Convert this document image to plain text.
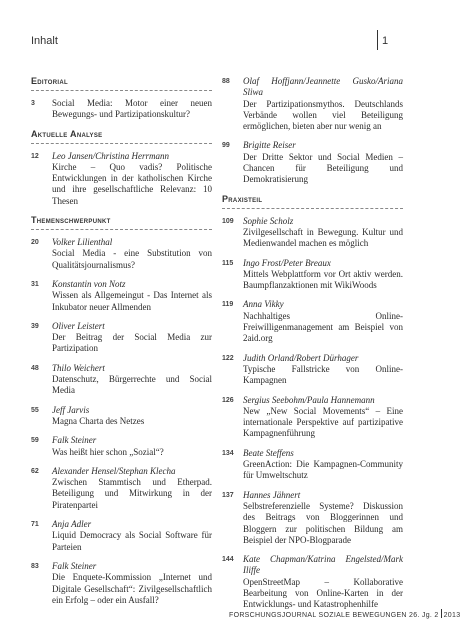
Inhalt	1
Editorial
3 Social Media: Motor einer neuen Bewegungs- und Partizipationskultur?
Aktuelle Analyse
12 Leo Jansen/Christina Herrmann
Kirche – Quo vadis? Politische Entwicklungen in der katholischen Kirche und ihre gesellschaftliche Relevanz: 10 Thesen
Themenschwerpunkt
20 Volker Lilienthal
Social Media - eine Substitution von Qualitätsjournalismus?
31 Konstantin von Notz
Wissen als Allgemeingut - Das Internet als Inkubator neuer Allmenden
39 Oliver Leistert
Der Beitrag der Social Media zur Partizipation
48 Thilo Weichert
Datenschutz, Bürgerrechte und Social Media
55 Jeff Jarvis
Magna Charta des Netzes
59 Falk Steiner
Was heißt hier schon „Sozial“?
62 Alexander Hensel/Stephan Klecha
Zwischen Stammtisch und Etherpad. Beteiligung und Mitwirkung in der Piratenpartei
71 Anja Adler
Liquid Democracy als Social Software für Parteien
83 Falk Steiner
Die Enquete-Kommission „Internet und Digitale Gesellschaft“: Zivilgesellschaftlich ein Erfolg – oder ein Ausfall?
88 Olaf Hoffjann/Jeannette Gusko/Ariana Sliwa
Der Partizipationsmythos. Deutschlands Verbände wollen viel Beteiligung ermöglichen, bieten aber nur wenig an
99 Brigitte Reiser
Der Dritte Sektor und Social Medien – Chancen für Beteiligung und Demokratisierung
Praxisteil
109 Sophie Scholz
Zivilgesellschaft in Bewegung. Kultur und Medienwandel machen es möglich
115 Ingo Frost/Peter Breaux
Mittels Webplattform vor Ort aktiv werden. Baumpflanzaktionen mit WikiWoods
119 Anna Vikky
Nachhaltiges Online-Freiwilligenmanagement am Beispiel von 2aid.org
122 Judith Orland/Robert Dürhager
Typische Fallstricke von Online-Kampagnen
126 Sergius Seebohm/Paula Hannemann
New „New Social Movements“ – Eine internationale Perspektive auf partizipative Kampagnenführung
134 Beate Steffens
GreenAction: Die Kampagnen-Community für Umweltschutz
137 Hannes Jähnert
Selbstreferenzielle Systeme? Diskussion des Beitrags von Bloggerinnen und Bloggern zur politischen Bildung am Beispiel der NPO-Blogparade
144 Kate Chapman/Katrina Engelsted/Mark Iliffe
OpenStreetMap – Kollaborative Bearbeitung von Online-Karten in der Entwicklungs- und Katastrophenhilfe
FORSCHUNGSJOURNAL SOZIALE BEWEGUNGEN 26. Jg. 2 2013
